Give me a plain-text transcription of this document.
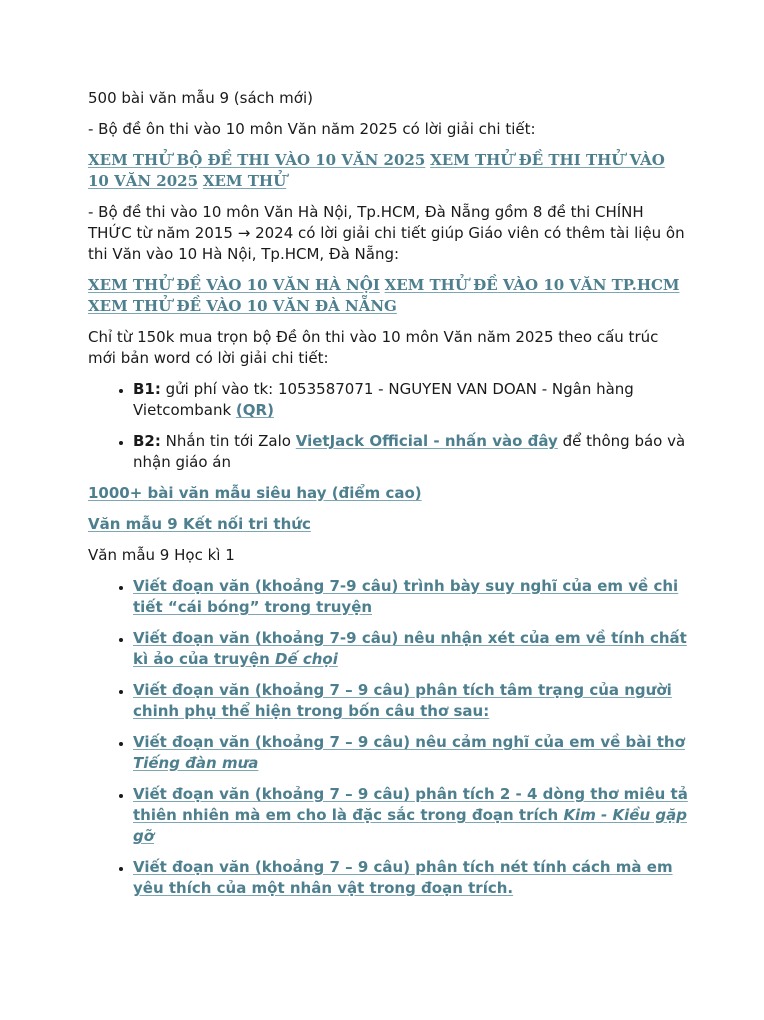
500 bài văn mẫu 9 (sách mới)
- Bộ đề ôn thi vào 10 môn Văn năm 2025 có lời giải chi tiết:
XEM THỬ BỘ ĐỀ THI VÀO 10 VĂN 2025 XEM THỬ ĐỀ THI THỬ VÀO 10 VĂN 2025 XEM THỬ
- Bộ đề thi vào 10 môn Văn Hà Nội, Tp.HCM, Đà Nẵng gồm 8 đề thi CHÍNH THỨC từ năm 2015 → 2024 có lời giải chi tiết giúp Giáo viên có thêm tài liệu ôn thi Văn vào 10 Hà Nội, Tp.HCM, Đà Nẵng:
XEM THỬ ĐỀ VÀO 10 VĂN HÀ NỘI XEM THỬ ĐỀ VÀO 10 VĂN TP.HCM XEM THỬ ĐỀ VÀO 10 VĂN ĐÀ NẴNG
Chỉ từ 150k mua trọn bộ Đề ôn thi vào 10 môn Văn năm 2025 theo cấu trúc mới bản word có lời giải chi tiết:
• B1: gửi phí vào tk: 1053587071 - NGUYEN VAN DOAN - Ngân hàng Vietcombank (QR)
• B2: Nhắn tin tới Zalo VietJack Official - nhấn vào đây để thông báo và nhận giáo án
1000+ bài văn mẫu siêu hay (điểm cao)
Văn mẫu 9 Kết nối tri thức
Văn mẫu 9 Học kì 1
• Viết đoạn văn (khoảng 7-9 câu) trình bày suy nghĩ của em về chi tiết “cái bóng” trong truyện
• Viết đoạn văn (khoảng 7-9 câu) nêu nhận xét của em về tính chất kì ảo của truyện Dế chọi
• Viết đoạn văn (khoảng 7 – 9 câu) phân tích tâm trạng của người chinh phụ thể hiện trong bốn câu thơ sau:
• Viết đoạn văn (khoảng 7 – 9 câu) nêu cảm nghĩ của em về bài thơ Tiếng đàn mưa
• Viết đoạn văn (khoảng 7 – 9 câu) phân tích 2 - 4 dòng thơ miêu tả thiên nhiên mà em cho là đặc sắc trong đoạn trích Kim - Kiều gặp gỡ
• Viết đoạn văn (khoảng 7 – 9 câu) phân tích nét tính cách mà em yêu thích của một nhân vật trong đoạn trích.
